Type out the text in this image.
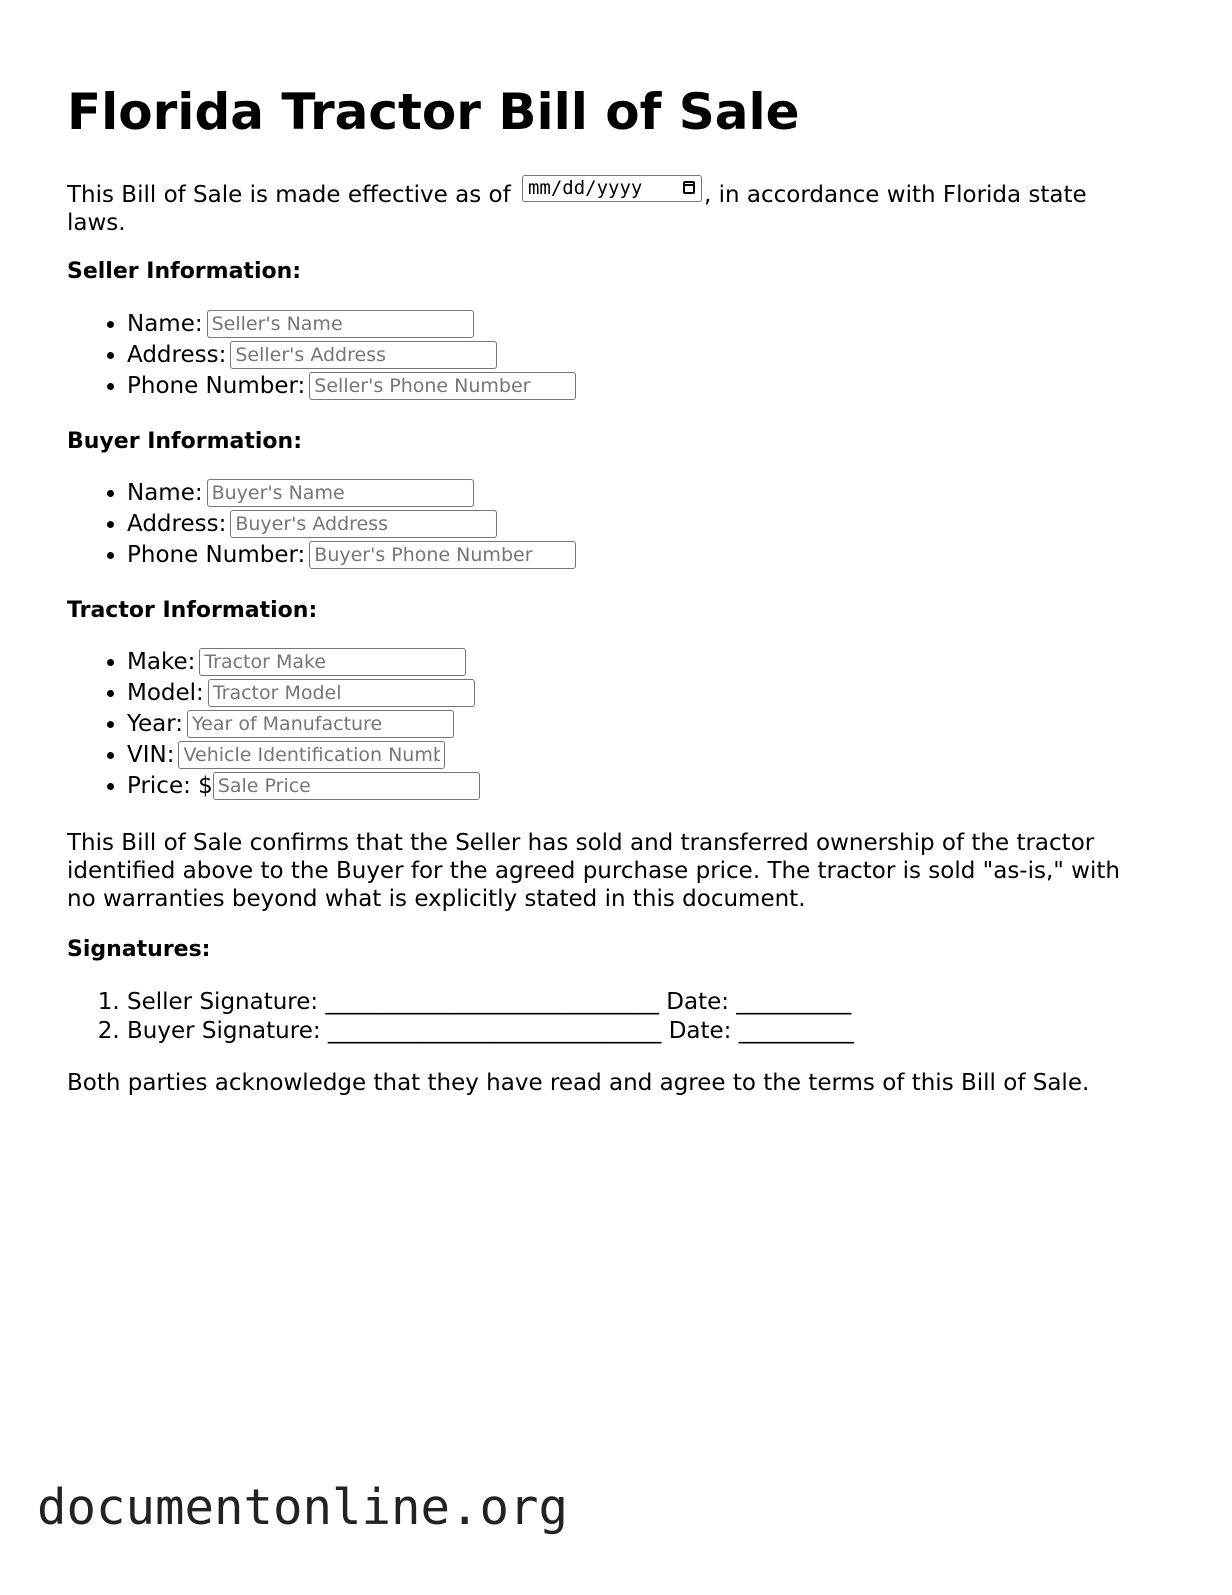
Florida Tractor Bill of Sale

This Bill of Sale is made effective as of mm/dd/yyyy	, in accordance with Florida state laws.

Seller Information:
• Name:Seller's Name
• Address:Seller's Address
• Phone Number:Seller's Phone Number
Buyer Information:
• Name:Buyer's Name
• Address:Buyer's Address
• Phone Number:Buyer's Phone Number
Tractor Information:
• Make:Tractor Make
• Model:Tractor Model
• Year:Year of Manufacture
• VIN:Vehicle Identification Number
• Price: $Sale Price

This Bill of Sale confirms that the Seller has sold and transferred ownership of the tractor identified above to the Buyer for the agreed purchase price. The tractor is sold "as-is," with no warranties beyond what is explicitly stated in this document.

Signatures:
1. Seller Signature: _____________________________ Date: __________
2. Buyer Signature: _____________________________ Date: __________

Both parties acknowledge that they have read and agree to the terms of this Bill of Sale.

documentonline.org
